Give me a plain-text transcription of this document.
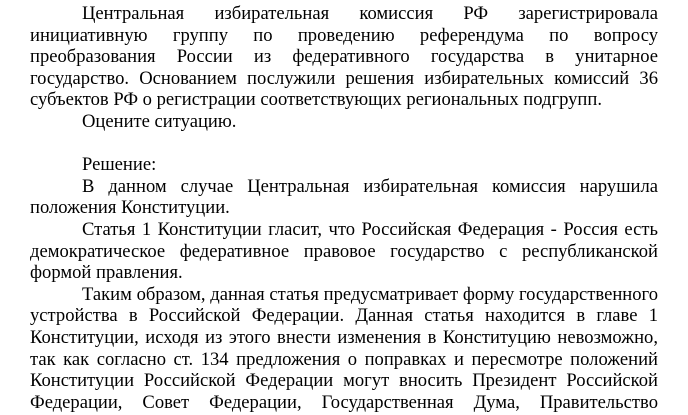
Центральная избирательная комиссия РФ зарегистрировала инициативную группу по проведению референдума по вопросу преобразования России из федеративного государства в унитарное государство. Основанием послужили решения избирательных комиссий 36 субъектов РФ о регистрации соответствующих региональных подгрупп.

Оцените ситуацию.

Решение:

В данном случае Центральная избирательная комиссия нарушила положения Конституции.

Статья 1 Конституции гласит, что Российская Федерация - Россия есть демократическое федеративное правовое государство с республиканской формой правления.

Таким образом, данная статья предусматривает форму государственного устройства в Российской Федерации. Данная статья находится в главе 1 Конституции, исходя из этого внести изменения в Конституцию невозможно, так как согласно ст. 134 предложения о поправках и пересмотре положений Конституции Российской Федерации могут вносить Президент Российской Федерации, Совет Федерации, Государственная Дума, Правительство
